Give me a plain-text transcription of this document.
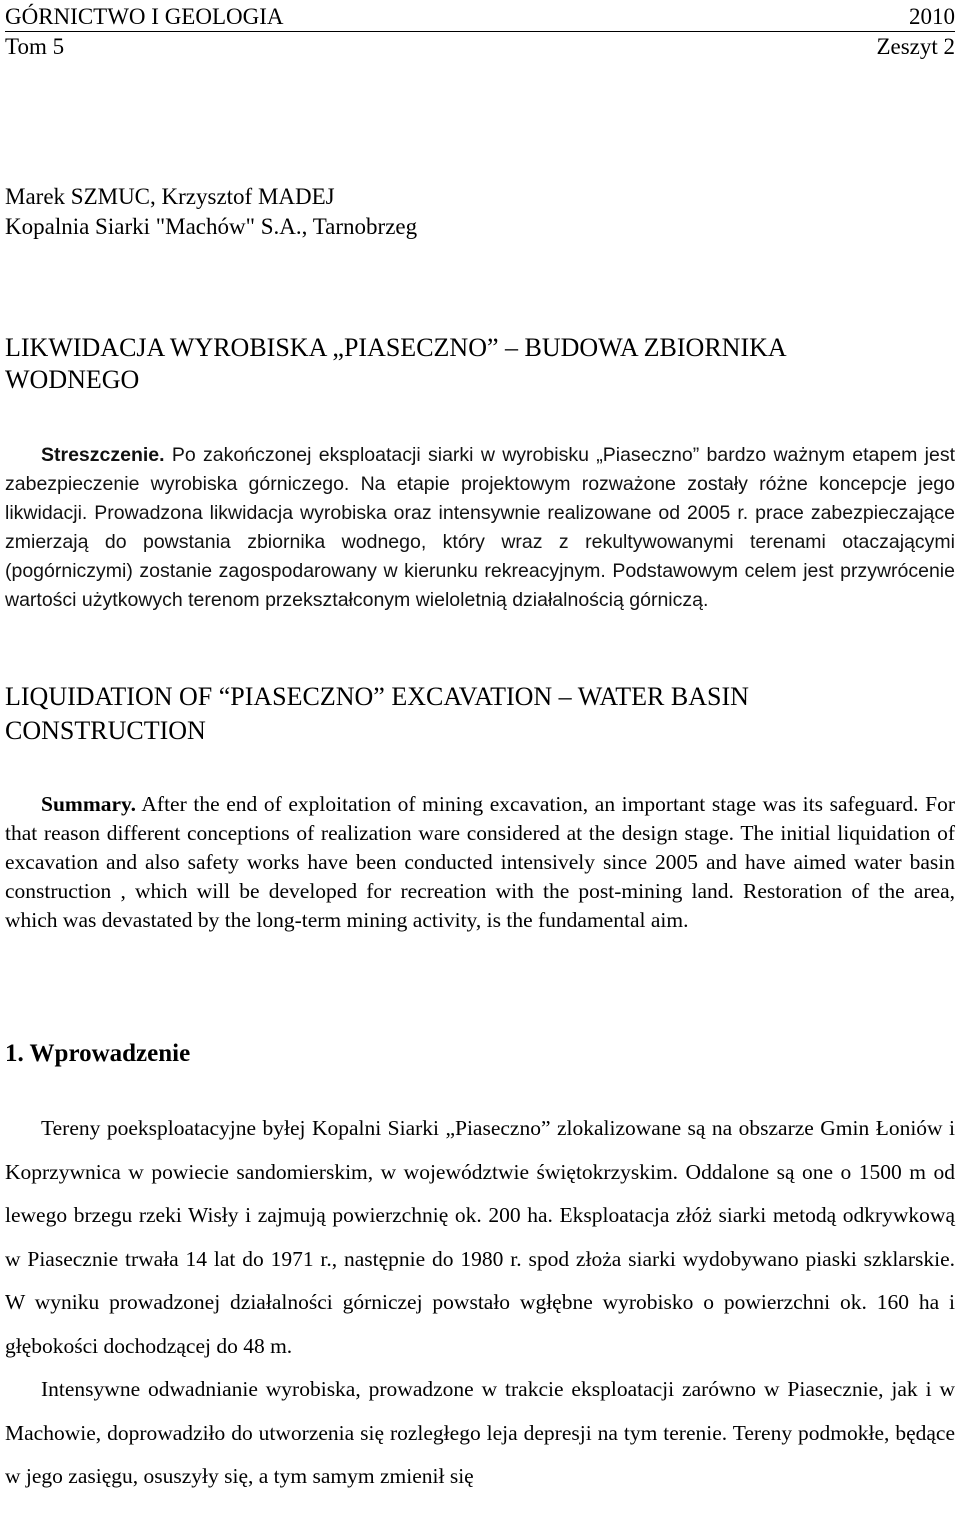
GÓRNICTWO I GEOLOGIA	2010
Tom 5	Zeszyt 2
Marek SZMUC, Krzysztof MADEJ
Kopalnia Siarki "Machów" S.A., Tarnobrzeg
LIKWIDACJA WYROBISKA „PIASECZNO” – BUDOWA ZBIORNIKA
WODNEGO
Streszczenie. Po zakończonej eksploatacji siarki w wyrobisku „Piaseczno” bardzo ważnym etapem jest zabezpieczenie wyrobiska górniczego. Na etapie projektowym rozważone zostały różne koncepcje jego likwidacji. Prowadzona likwidacja wyrobiska oraz intensywnie realizowane od 2005 r. prace zabezpieczające zmierzają do powstania zbiornika wodnego, który wraz z rekultywowanymi terenami otaczającymi (pogórniczymi) zostanie zagospodarowany w kierunku rekreacyjnym. Podstawowym celem jest przywrócenie wartości użytkowych terenom przekształconym wieloletnią działalnością górniczą.
LIQUIDATION OF “PIASECZNO” EXCAVATION – WATER BASIN
CONSTRUCTION
Summary. After the end of exploitation of mining excavation, an important stage was its safeguard. For that reason different conceptions of realization ware considered at the design stage. The initial liquidation of excavation and also safety works have been conducted intensively since 2005 and have aimed water basin construction , which will be developed for recreation with the post-mining land. Restoration of the area, which was devastated by the long-term mining activity, is the fundamental aim.
1. Wprowadzenie
Tereny poeksploatacyjne byłej Kopalni Siarki „Piaseczno” zlokalizowane są na obszarze Gmin Łoniów i Koprzywnica w powiecie sandomierskim, w województwie świętokrzyskim. Oddalone są one o 1500 m od lewego brzegu rzeki Wisły i zajmują powierzchnię ok. 200 ha. Eksploatacja złóż siarki metodą odkrywkową w Piasecznie trwała 14 lat do 1971 r., następnie do 1980 r. spod złoża siarki wydobywano piaski szklarskie. W wyniku prowadzonej działalności górniczej powstało wgłębne wyrobisko o powierzchni ok. 160 ha i głębokości dochodzącej do 48 m.
Intensywne odwadnianie wyrobiska, prowadzone w trakcie eksploatacji zarówno w Piasecznie, jak i w Machowie, doprowadziło do utworzenia się rozległego leja depresji na tym terenie. Tereny podmokłe, będące w jego zasięgu, osuszyły się, a tym samym zmienił się
